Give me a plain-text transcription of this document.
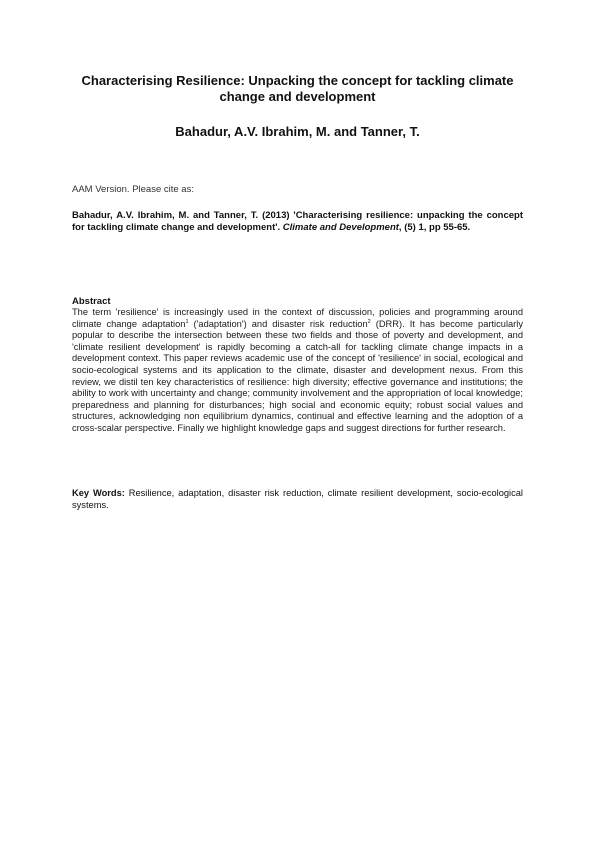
Characterising Resilience: Unpacking the concept for tackling climate change and development
Bahadur, A.V. Ibrahim, M. and Tanner, T.
AAM Version. Please cite as:
Bahadur, A.V. Ibrahim, M. and Tanner, T. (2013) 'Characterising resilience: unpacking the concept for tackling climate change and development'. Climate and Development, (5) 1, pp 55-65.
Abstract
The term 'resilience' is increasingly used in the context of discussion, policies and programming around climate change adaptation$^1$ ('adaptation') and disaster risk reduction$^2$ (DRR). It has become particularly popular to describe the intersection between these two fields and those of poverty and development, and 'climate resilient development' is rapidly becoming a catch-all for tackling climate change impacts in a development context. This paper reviews academic use of the concept of 'resilience' in social, ecological and socio-ecological systems and its application to the climate, disaster and development nexus. From this review, we distil ten key characteristics of resilience: high diversity; effective governance and institutions; the ability to work with uncertainty and change; community involvement and the appropriation of local knowledge; preparedness and planning for disturbances; high social and economic equity; robust social values and structures, acknowledging non equilibrium dynamics, continual and effective learning and the adoption of a cross-scalar perspective. Finally we highlight knowledge gaps and suggest directions for further research.
Key Words: Resilience, adaptation, disaster risk reduction, climate resilient development, socio-ecological systems.
